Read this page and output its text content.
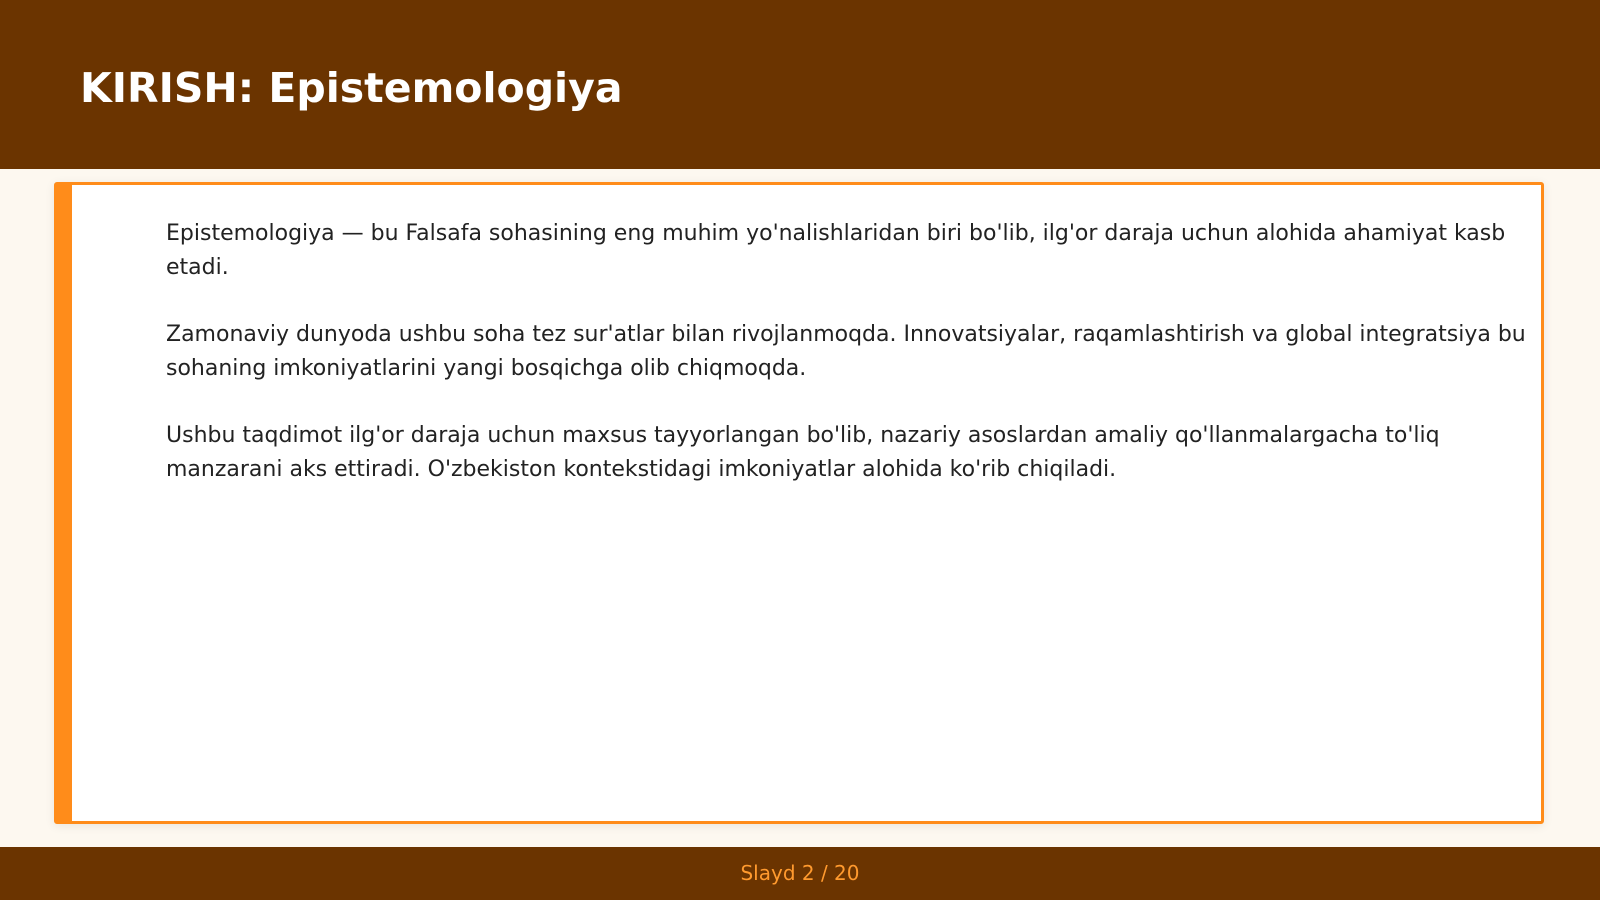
KIRISH: Epistemologiya

Epistemologiya — bu Falsafa sohasining eng muhim yo'nalishlaridan biri bo'lib, ilg'or daraja uchun alohida ahamiyat kasb etadi.

Zamonaviy dunyoda ushbu soha tez sur'atlar bilan rivojlanmoqda. Innovatsiyalar, raqamlashtirish va global integratsiya bu sohaning imkoniyatlarini yangi bosqichga olib chiqmoqda.

Ushbu taqdimot ilg'or daraja uchun maxsus tayyorlangan bo'lib, nazariy asoslardan amaliy qo'llanmalargacha to'liq manzarani aks ettiradi. O'zbekiston kontekstidagi imkoniyatlar alohida ko'rib chiqiladi.

Slayd 2 / 20
